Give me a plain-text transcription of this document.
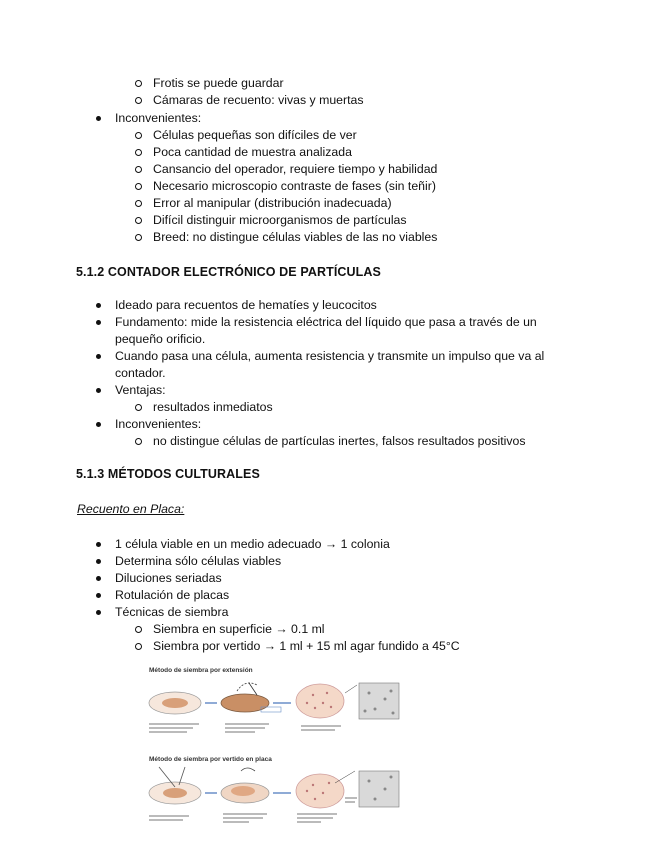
Frotis se puede guardar
Cámaras de recuento: vivas y muertas
Inconvenientes:
Células pequeñas son difíciles de ver
Poca cantidad de muestra analizada
Cansancio del operador, requiere tiempo y habilidad
Necesario microscopio contraste de fases (sin teñir)
Error al manipular (distribución inadecuada)
Difícil distinguir microorganismos de partículas
Breed: no distingue células viables de las no viables
5.1.2 CONTADOR ELECTRÓNICO DE PARTÍCULAS
Ideado para recuentos de hematíes y leucocitos
Fundamento: mide la resistencia eléctrica del líquido que pasa a través de un pequeño orificio.
Cuando pasa una célula, aumenta resistencia y transmite un impulso que va al contador.
Ventajas:
resultados inmediatos
Inconvenientes:
no distingue células de partículas inertes, falsos resultados positivos
5.1.3 MÉTODOS CULTURALES
Recuento en Placa:
1 célula viable en un medio adecuado → 1 colonia
Determina sólo células viables
Diluciones seriadas
Rotulación de placas
Técnicas de siembra
Siembra en superficie → 0.1 ml
Siembra por vertido → 1 ml + 15 ml agar fundido a 45°C
Método de siembra por extensión
Método de siembra por vertido en placa
